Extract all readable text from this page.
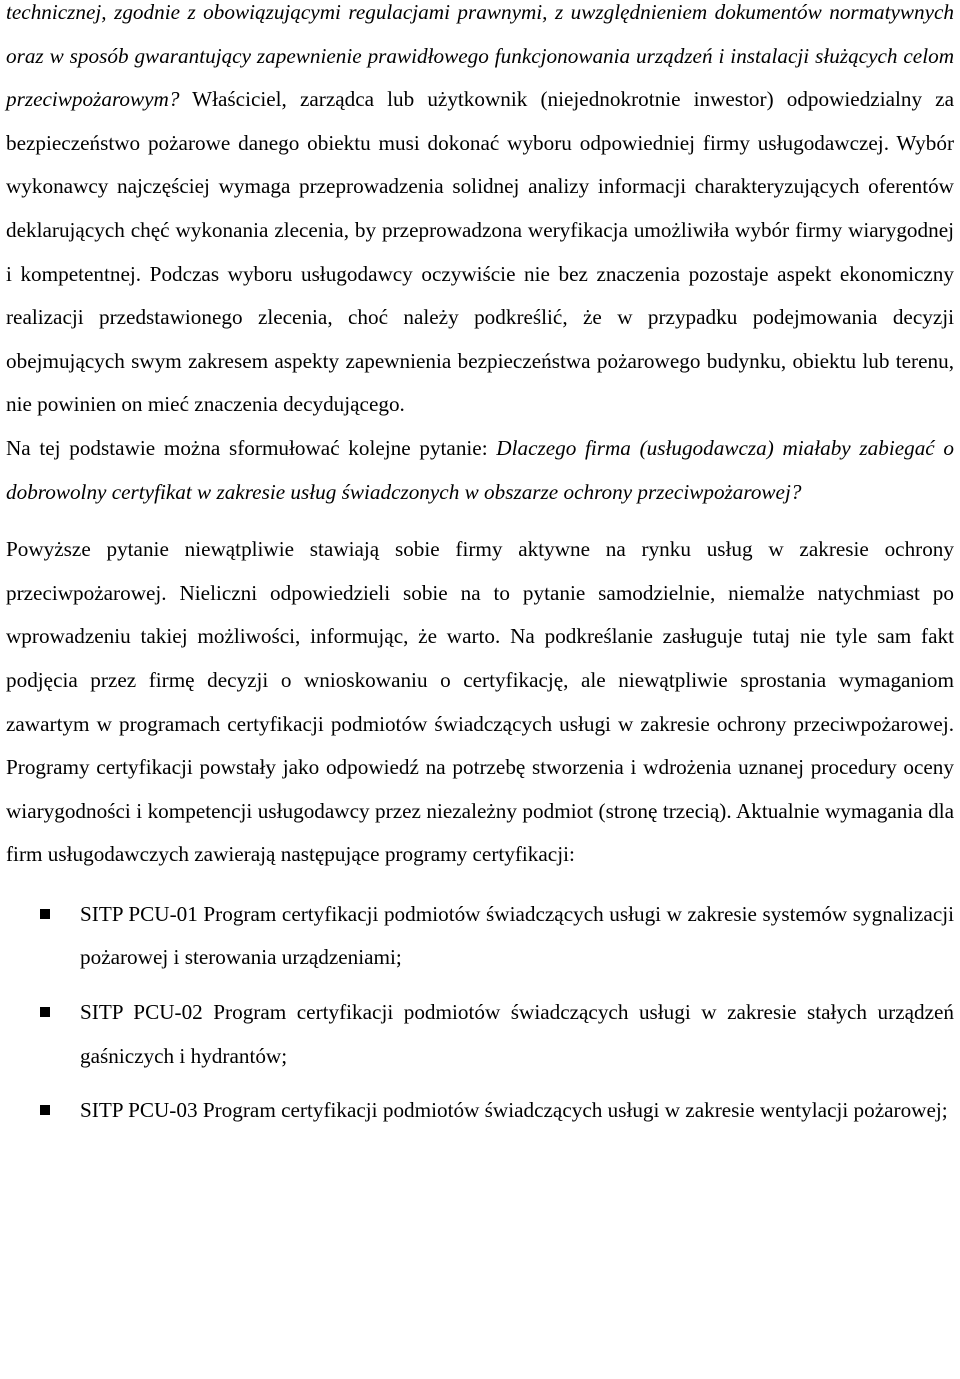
technicznej, zgodnie z obowiązującymi regulacjami prawnymi, z uwzględnieniem dokumentów normatywnych oraz w sposób gwarantujący zapewnienie prawidłowego funkcjonowania urządzeń i instalacji służących celom przeciwpożarowym? Właściciel, zarządca lub użytkownik (niejednokrotnie inwestor) odpowiedzialny za bezpieczeństwo pożarowe danego obiektu musi dokonać wyboru odpowiedniej firmy usługodawczej. Wybór wykonawcy najczęściej wymaga przeprowadzenia solidnej analizy informacji charakteryzujących oferentów deklarujących chęć wykonania zlecenia, by przeprowadzona weryfikacja umożliwiła wybór firmy wiarygodnej i kompetentnej. Podczas wyboru usługodawcy oczywiście nie bez znaczenia pozostaje aspekt ekonomiczny realizacji przedstawionego zlecenia, choć należy podkreślić, że w przypadku podejmowania decyzji obejmujących swym zakresem aspekty zapewnienia bezpieczeństwa pożarowego budynku, obiektu lub terenu, nie powinien on mieć znaczenia decydującego.

Na tej podstawie można sformułować kolejne pytanie: Dlaczego firma (usługodawcza) miałaby zabiegać o dobrowolny certyfikat w zakresie usług świadczonych w obszarze ochrony przeciwpożarowej?

Powyższe pytanie niewątpliwie stawiają sobie firmy aktywne na rynku usług w zakresie ochrony przeciwpożarowej. Nieliczni odpowiedzieli sobie na to pytanie samodzielnie, niemalże natychmiast po wprowadzeniu takiej możliwości, informując, że warto. Na podkreślanie zasługuje tutaj nie tyle sam fakt podjęcia przez firmę decyzji o wnioskowaniu o certyfikację, ale niewątpliwie sprostania wymaganiom zawartym w programach certyfikacji podmiotów świadczących usługi w zakresie ochrony przeciwpożarowej. Programy certyfikacji powstały jako odpowiedź na potrzebę stworzenia i wdrożenia uznanej procedury oceny wiarygodności i kompetencji usługodawcy przez niezależny podmiot (stronę trzecią). Aktualnie wymagania dla firm usługodawczych zawierają następujące programy certyfikacji:

SITP PCU-01 Program certyfikacji podmiotów świadczących usługi w zakresie systemów sygnalizacji pożarowej i sterowania urządzeniami;
SITP PCU-02 Program certyfikacji podmiotów świadczących usługi w zakresie stałych urządzeń gaśniczych i hydrantów;
SITP PCU-03 Program certyfikacji podmiotów świadczących usługi w zakresie wentylacji pożarowej;
